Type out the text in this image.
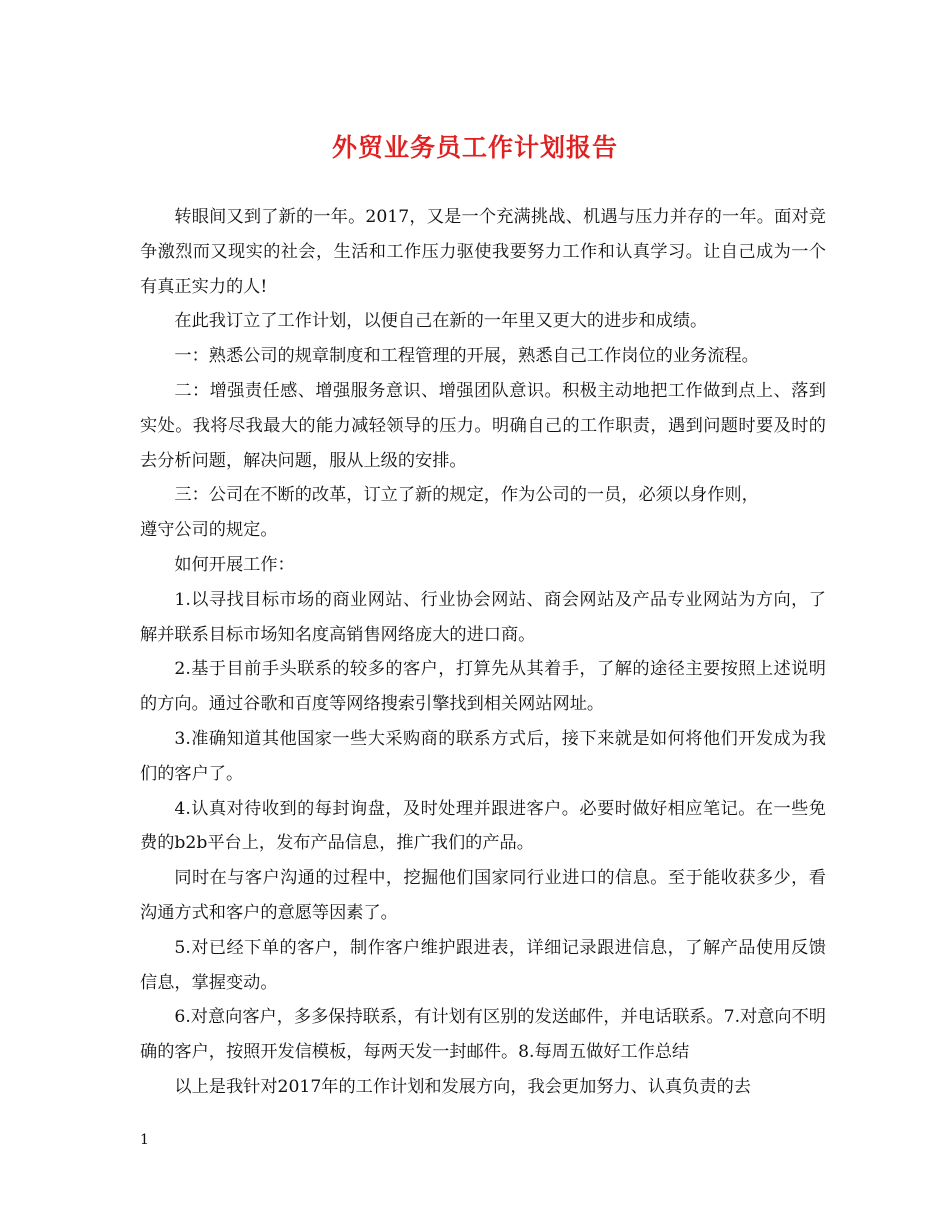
外贸业务员工作计划报告

转眼间又到了新的一年。2017，又是一个充满挑战、机遇与压力并存的一年。面对竞争激烈而又现实的社会，生活和工作压力驱使我要努力工作和认真学习。让自己成为一个有真正实力的人!

在此我订立了工作计划，以便自己在新的一年里又更大的进步和成绩。

一：熟悉公司的规章制度和工程管理的开展，熟悉自己工作岗位的业务流程。

二：增强责任感、增强服务意识、增强团队意识。积极主动地把工作做到点上、落到实处。我将尽我最大的能力减轻领导的压力。明确自己的工作职责，遇到问题时要及时的去分析问题，解决问题，服从上级的安排。

三：公司在不断的改革，订立了新的规定，作为公司的一员，必须以身作则，

遵守公司的规定。

如何开展工作：

1.以寻找目标市场的商业网站、行业协会网站、商会网站及产品专业网站为方向，了解并联系目标市场知名度高销售网络庞大的进口商。

2.基于目前手头联系的较多的客户，打算先从其着手，了解的途径主要按照上述说明的方向。通过谷歌和百度等网络搜索引擎找到相关网站网址。

3.准确知道其他国家一些大采购商的联系方式后，接下来就是如何将他们开发成为我们的客户了。

4.认真对待收到的每封询盘，及时处理并跟进客户。必要时做好相应笔记。在一些免费的b2b平台上，发布产品信息，推广我们的产品。

同时在与客户沟通的过程中，挖掘他们国家同行业进口的信息。至于能收获多少，看沟通方式和客户的意愿等因素了。

5.对已经下单的客户，制作客户维护跟进表，详细记录跟进信息，了解产品使用反馈信息，掌握变动。

6.对意向客户，多多保持联系，有计划有区别的发送邮件，并电话联系。7.对意向不明确的客户，按照开发信模板，每两天发一封邮件。8.每周五做好工作总结

以上是我针对2017年的工作计划和发展方向，我会更加努力、认真负责的去

1
